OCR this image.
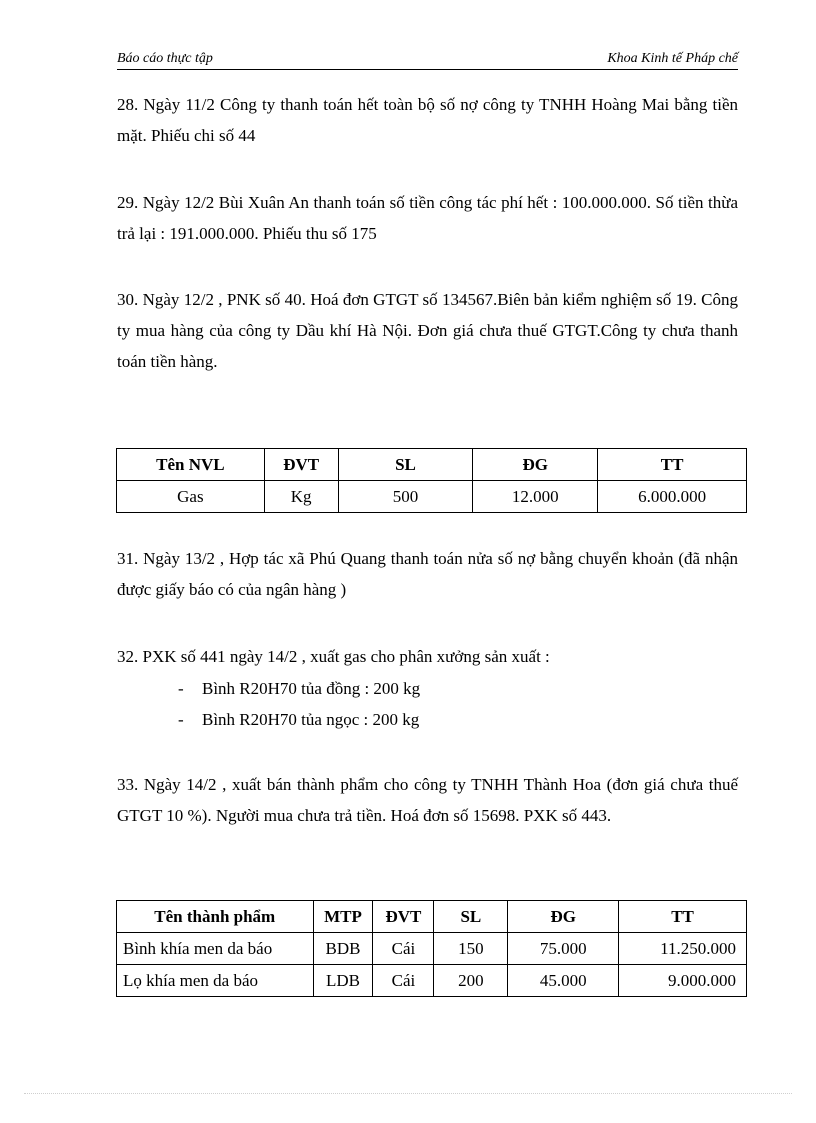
Báo cáo thực tập	Khoa Kinh tế Pháp chế

28. Ngày 11/2 Công ty thanh toán hết toàn bộ số nợ công ty TNHH Hoàng Mai bằng tiền mặt. Phiếu chi số 44

29. Ngày 12/2 Bùi Xuân An thanh toán số tiền công tác phí hết : 100.000.000. Số tiền thừa trả lại : 191.000.000. Phiếu thu số 175

30. Ngày 12/2 , PNK số 40. Hoá đơn GTGT số 134567.Biên bản kiểm nghiệm số 19. Công ty mua hàng của công ty Dầu khí Hà Nội. Đơn giá chưa thuế GTGT.Công ty chưa thanh toán tiền hàng.

Tên NVL	ĐVT	SL	ĐG	TT
Gas	Kg	500	12.000	6.000.000

31. Ngày 13/2 , Hợp tác xã Phú Quang thanh toán nửa số nợ bằng chuyển khoản (đã nhận được giấy báo có của ngân hàng )

32. PXK số 441 ngày 14/2 , xuất gas cho phân xưởng sản xuất :

- Bình R20H70 tủa đồng : 200 kg
- Bình R20H70 tủa ngọc : 200 kg

33. Ngày 14/2 , xuất bán thành phẩm cho công ty TNHH Thành Hoa (đơn giá chưa thuế GTGT 10 %). Người mua chưa trả tiền. Hoá đơn số 15698. PXK số 443.

Tên thành phẩm	MTP	ĐVT	SL	ĐG	TT
Bình khía men da báo	BDB	Cái	150	75.000	11.250.000
Lọ khía men da báo	LDB	Cái	200	45.000	9.000.000
